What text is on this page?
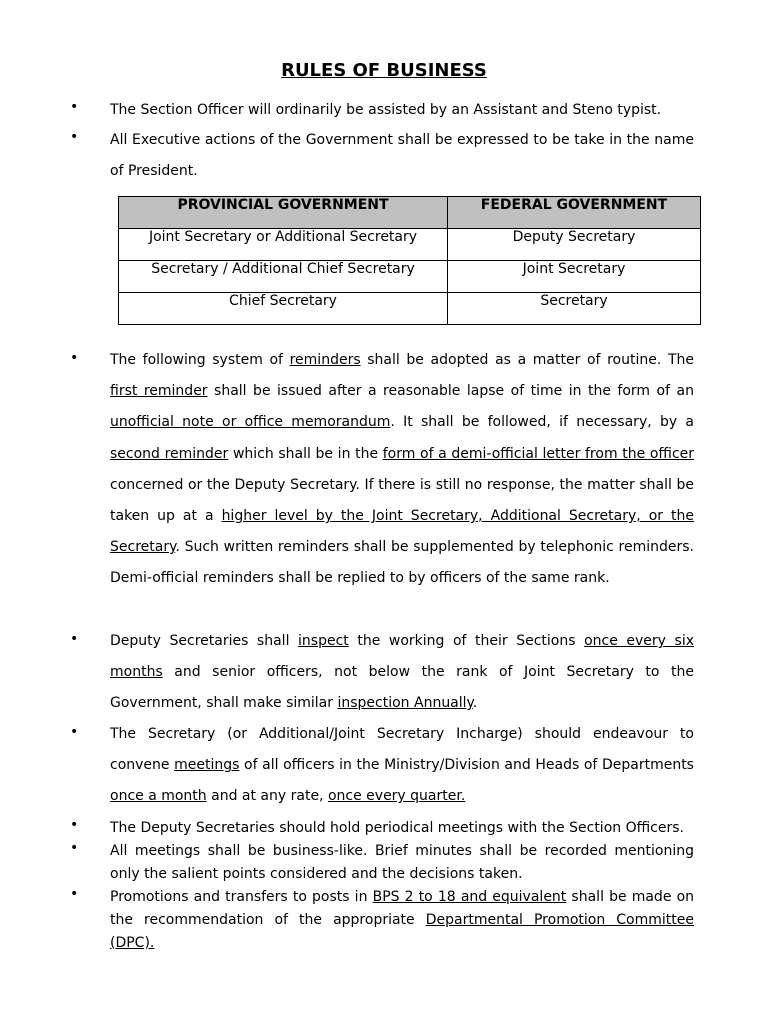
RULES OF BUSINESS
• The Section Officer will ordinarily be assisted by an Assistant and Steno typist.
• All Executive actions of the Government shall be expressed to be take in the name of President.
PROVINCIAL GOVERNMENT	FEDERAL GOVERNMENT

Joint Secretary or Additional Secretary	Deputy Secretary

Secretary / Additional Chief Secretary	Joint Secretary

Chief Secretary	Secretary
• The following system of reminders shall be adopted as a matter of routine. The first reminder shall be issued after a reasonable lapse of time in the form of an unofficial note or office memorandum. It shall be followed, if necessary, by a second reminder which shall be in the form of a demi-official letter from the officer concerned or the Deputy Secretary. If there is still no response, the matter shall be taken up at a higher level by the Joint Secretary, Additional Secretary, or the Secretary. Such written reminders shall be supplemented by telephonic reminders. Demi-official reminders shall be replied to by officers of the same rank.
• Deputy Secretaries shall inspect the working of their Sections once every six months and senior officers, not below the rank of Joint Secretary to the Government, shall make similar inspection Annually.
• The Secretary (or Additional/Joint Secretary Incharge) should endeavour to convene meetings of all officers in the Ministry/Division and Heads of Departments once a month and at any rate, once every quarter.
• The Deputy Secretaries should hold periodical meetings with the Section Officers.
• All meetings shall be business-like. Brief minutes shall be recorded mentioning only the salient points considered and the decisions taken.
• Promotions and transfers to posts in BPS 2 to 18 and equivalent shall be made on the recommendation of the appropriate Departmental Promotion Committee (DPC).
